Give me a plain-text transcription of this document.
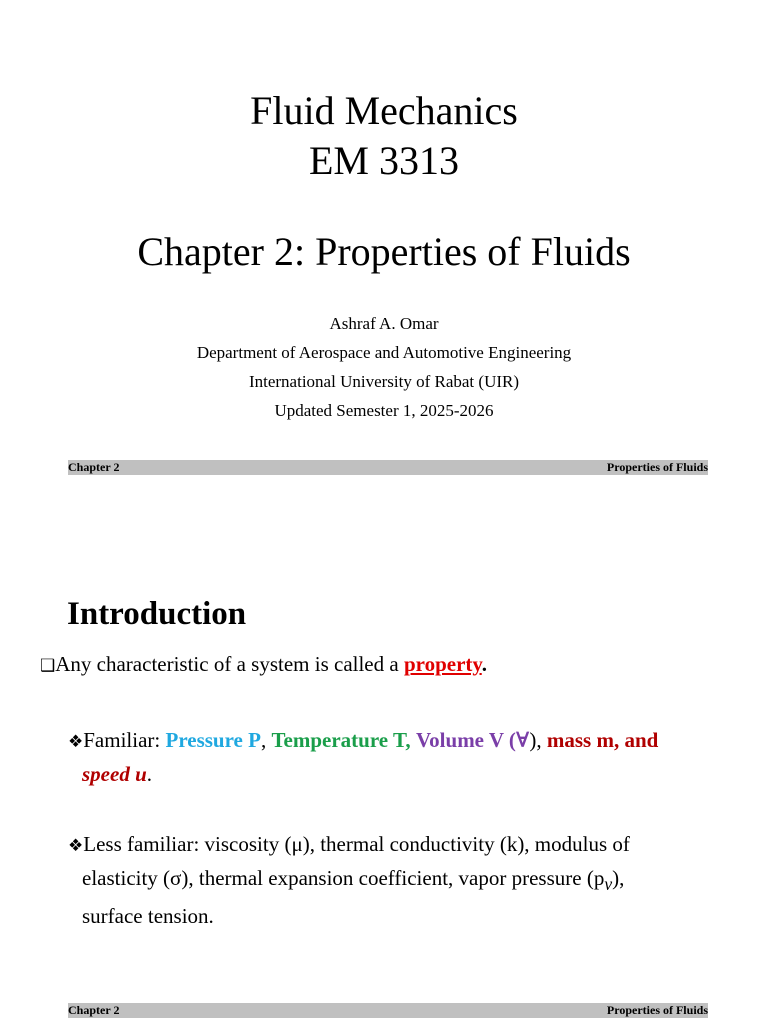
Fluid Mechanics
EM 3313
Chapter 2: Properties of Fluids
Ashraf A. Omar
Department of Aerospace and Automotive Engineering
International University of Rabat (UIR)
Updated Semester 1, 2025-2026
Chapter 2	Properties of Fluids
Introduction
❑Any characteristic of a system is called a property.
❖Familiar: Pressure P, Temperature T, Volume V (∀), mass m, and
speed u.
❖Less familiar: viscosity (μ), thermal conductivity (k), modulus of
elasticity (σ), thermal expansion coefficient, vapor pressure $(p_v)$,
surface tension.
Chapter 2	Properties of Fluids
